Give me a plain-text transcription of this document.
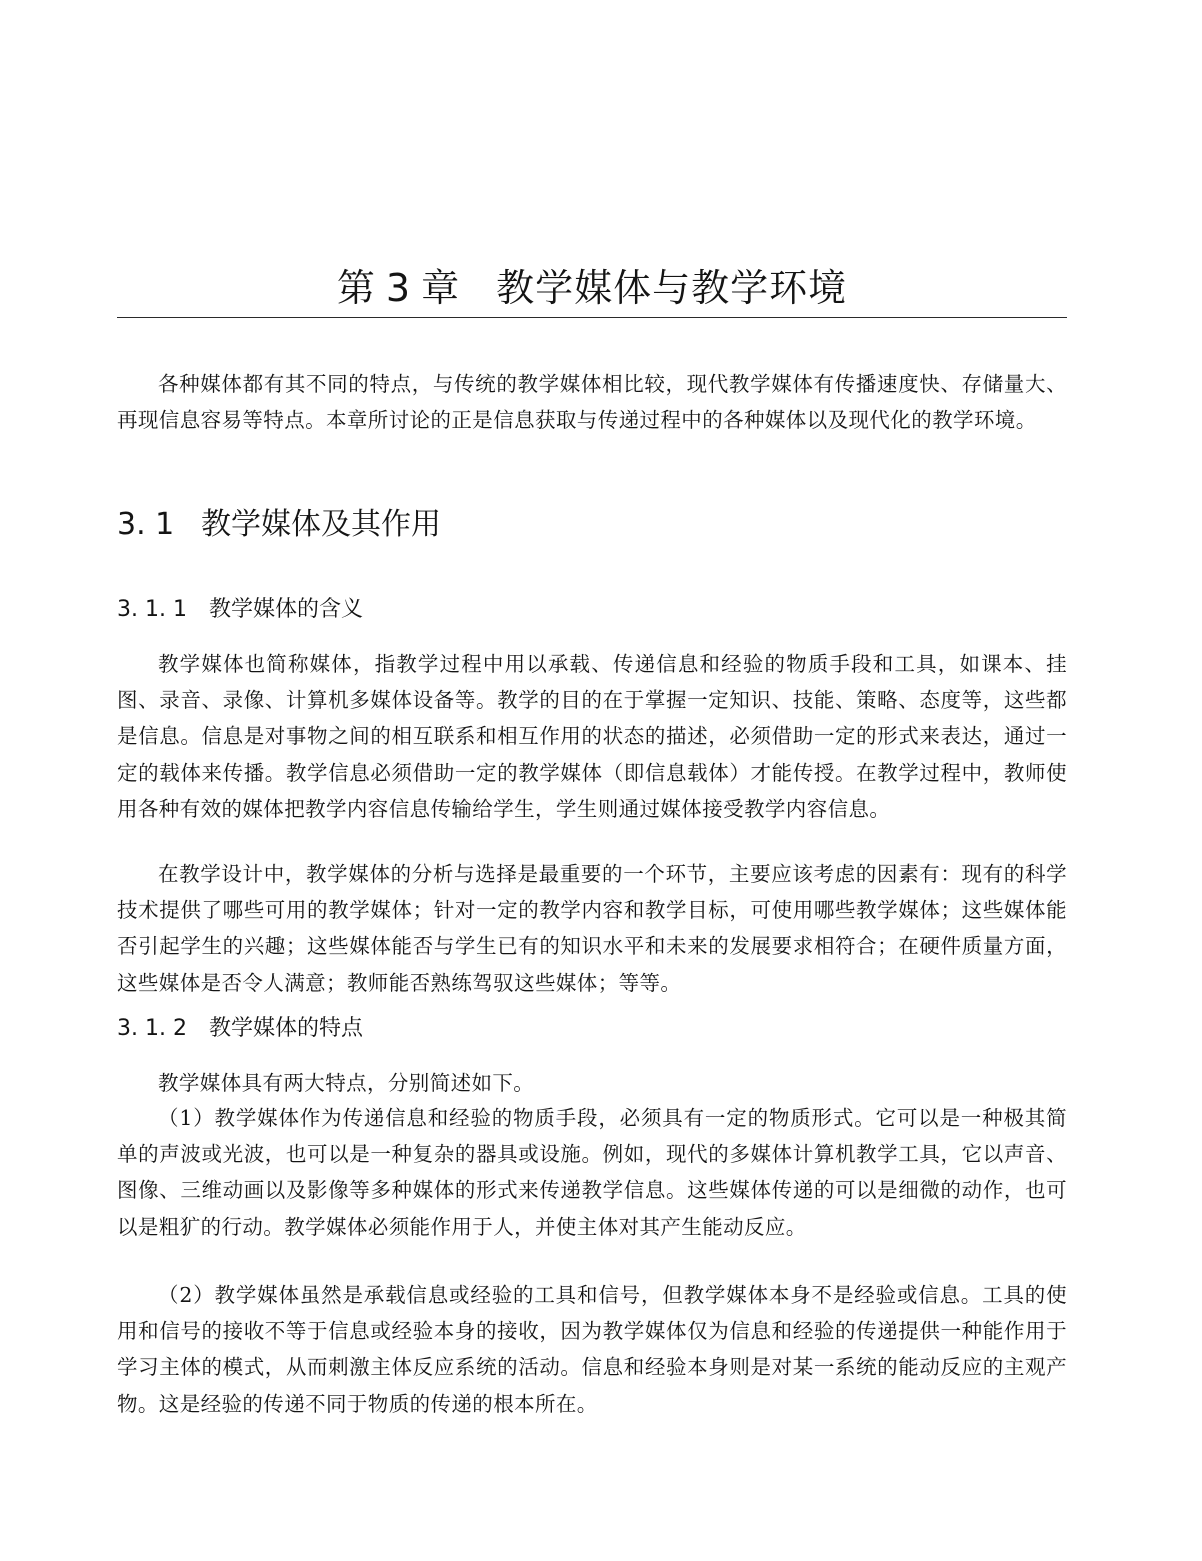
第 3 章 教学媒体与教学环境

各种媒体都有其不同的特点，与传统的教学媒体相比较，现代教学媒体有传播速度快、存储量大、再现信息容易等特点。本章所讨论的正是信息获取与传递过程中的各种媒体以及现代化的教学环境。

3. 1 教学媒体及其作用
3. 1. 1 教学媒体的含义

教学媒体也简称媒体，指教学过程中用以承载、传递信息和经验的物质手段和工具，如课本、挂图、录音、录像、计算机多媒体设备等。教学的目的在于掌握一定知识、技能、策略、态度等，这些都是信息。信息是对事物之间的相互联系和相互作用的状态的描述，必须借助一定的形式来表达，通过一定的载体来传播。教学信息必须借助一定的教学媒体（即信息载体）才能传授。在教学过程中，教师使用各种有效的媒体把教学内容信息传输给学生，学生则通过媒体接受教学内容信息。

在教学设计中，教学媒体的分析与选择是最重要的一个环节，主要应该考虑的因素有：现有的科学技术提供了哪些可用的教学媒体；针对一定的教学内容和教学目标，可使用哪些教学媒体；这些媒体能否引起学生的兴趣；这些媒体能否与学生已有的知识水平和未来的发展要求相符合；在硬件质量方面，这些媒体是否令人满意；教师能否熟练驾驭这些媒体；等等。

3. 1. 2 教学媒体的特点

教学媒体具有两大特点，分别简述如下。

（1）教学媒体作为传递信息和经验的物质手段，必须具有一定的物质形式。它可以是一种极其简单的声波或光波，也可以是一种复杂的器具或设施。例如，现代的多媒体计算机教学工具，它以声音、图像、三维动画以及影像等多种媒体的形式来传递教学信息。这些媒体传递的可以是细微的动作，也可以是粗犷的行动。教学媒体必须能作用于人，并使主体对其产生能动反应。

（2）教学媒体虽然是承载信息或经验的工具和信号，但教学媒体本身不是经验或信息。工具的使用和信号的接收不等于信息或经验本身的接收，因为教学媒体仅为信息和经验的传递提供一种能作用于学习主体的模式，从而刺激主体反应系统的活动。信息和经验本身则是对某一系统的能动反应的主观产物。这是经验的传递不同于物质的传递的根本所在。
